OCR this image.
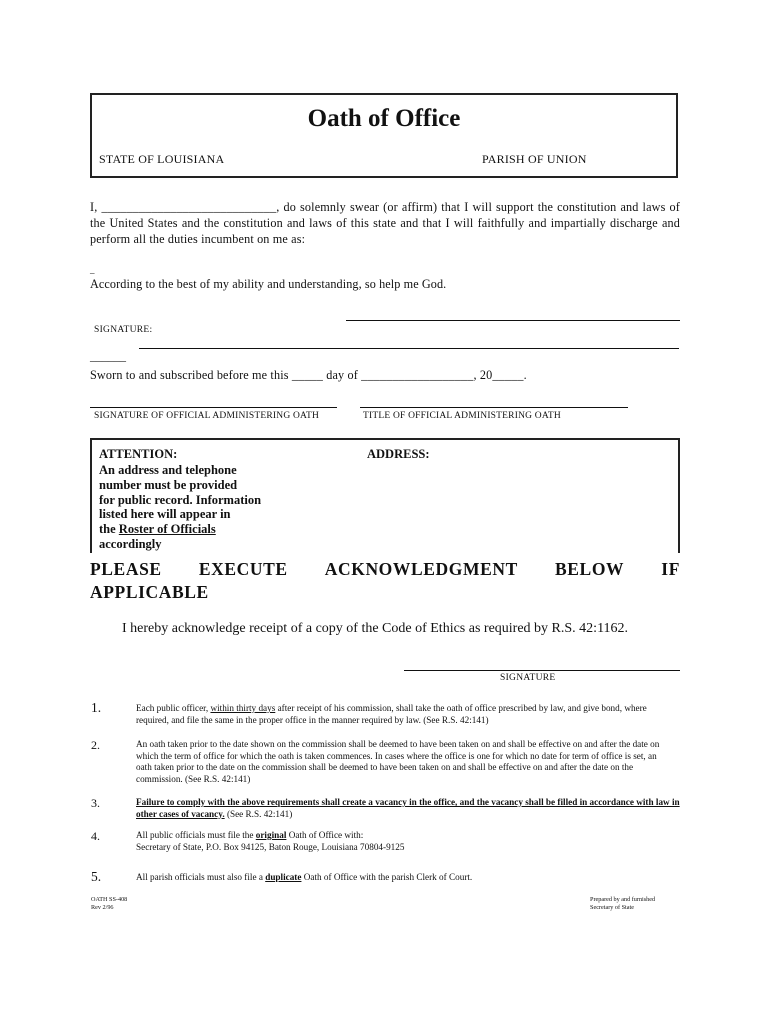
Oath of Office
STATE OF LOUISIANA	PARISH OF UNION
I, ____________________________, do solemnly swear (or affirm) that I will support the constitution and laws of the United States and the constitution and laws of this state and that I will faithfully and impartially discharge and perform all the duties incumbent on me as:
_
According to the best of my ability and understanding, so help me God.
SIGNATURE:
______
Sworn to and subscribed before me this _____ day of __________________, 20_____.
SIGNATURE OF OFFICIAL ADMINISTERING OATH	TITLE OF OFFICIAL ADMINISTERING OATH
ATTENTION:
An address and telephone
number must be provided
for public record. Information
listed here will appear in
the Roster of Officials
accordingly
ADDRESS:
PLEASE EXECUTE ACKNOWLEDGMENT BELOW IF
APPLICABLE
I hereby acknowledge receipt of a copy of the Code of Ethics as required by R.S. 42:1162.
SIGNATURE
1.	Each public officer, within thirty days after receipt of his commission, shall take the oath of office prescribed by law, and give bond, where required, and file the same in the proper office in the manner required by law. (See R.S. 42:141)
2.	An oath taken prior to the date shown on the commission shall be deemed to have been taken on and shall be effective on and after the date on which the term of office for which the oath is taken commences. In cases where the office is one for which no date for term of office is set, an oath taken prior to the date on the commission shall be deemed to have been taken on and shall be effective on and after the date on the commission. (See R.S. 42:141)
3.	Failure to comply with the above requirements shall create a vacancy in the office, and the vacancy shall be filled in accordance with law in other cases of vacancy. (See R.S. 42:141)
4.	All public officials must file the original Oath of Office with:
Secretary of State, P.O. Box 94125, Baton Rouge, Louisiana 70804-9125
5.	All parish officials must also file a duplicate Oath of Office with the parish Clerk of Court.
OATH SS-408
Rev 2/96
Prepared by and furnished
Secretary of State
